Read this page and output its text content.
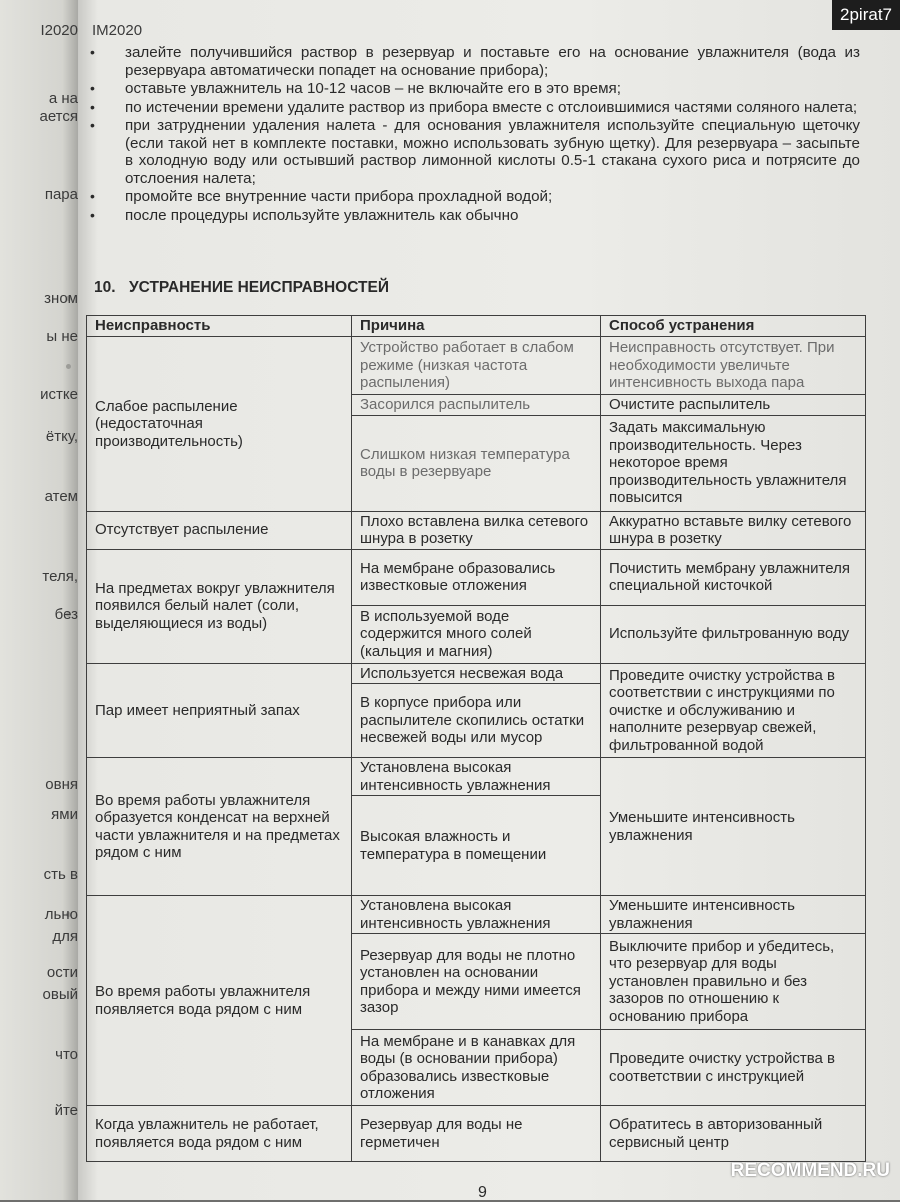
I2020
а на
ается
пара
зном
ы не
истке
ётку,
атем
теля,
без
овня
ями
сть в
льно
для
ости
овый
что
йте
IM2020
• залейте получившийся раствор в резервуар и поставьте его на основание увлажнителя (вода из резервуара автоматически попадет на основание прибора);
• оставьте увлажнитель на 10-12 часов – не включайте его в это время;
• по истечении времени удалите раствор из прибора вместе с отслоившимися частями соляного налета;
• при затруднении удаления налета - для основания увлажнителя используйте специальную щеточку (если такой нет в комплекте поставки, можно использовать зубную щетку). Для резервуара – засыпьте в холодную воду или остывший раствор лимонной кислоты 0.5-1 стакана сухого риса и потрясите до отслоения налета;
• промойте все внутренние части прибора прохладной водой;
• после процедуры используйте увлажнитель как обычно
10. УСТРАНЕНИЕ НЕИСПРАВНОСТЕЙ
Неисправность	Причина	Способ устранения
Слабое распыление (недостаточная производительность)	Устройство работает в слабом режиме (низкая частота распыления)	Неисправность отсутствует. При необходимости увеличьте интенсивность выхода пара
	Засорился распылитель	Очистите распылитель
	Слишком низкая температура воды в резервуаре	Задать максимальную производительность. Через некоторое время производительность увлажнителя повысится
Отсутствует распыление	Плохо вставлена вилка сетевого шнура в розетку	Аккуратно вставьте вилку сетевого шнура в розетку
На предметах вокруг увлажнителя появился белый налет (соли, выделяющиеся из воды)	На мембране образовались известковые отложения	Почистить мембрану увлажнителя специальной кисточкой
	В используемой воде содержится много солей (кальция и магния)	Используйте фильтрованную воду
Пар имеет неприятный запах	Используется несвежая вода	Проведите очистку устройства в соответствии с инструкциями по очистке и обслуживанию и наполните резервуар свежей, фильтрованной водой
	В корпусе прибора или распылителе скопились остатки несвежей воды или мусор	
Во время работы увлажнителя образуется конденсат на верхней части увлажнителя и на предметах рядом с ним	Установлена высокая интенсивность увлажнения	Уменьшите интенсивность увлажнения
	Высокая влажность и температура в помещении	
Во время работы увлажнителя появляется вода рядом с ним	Установлена высокая интенсивность увлажнения	Уменьшите интенсивность увлажнения
	Резервуар для воды не плотно установлен на основании прибора и между ними имеется зазор	Выключите прибор и убедитесь, что резервуар для воды установлен правильно и без зазоров по отношению к основанию прибора
	На мембране и в канавках для воды (в основании прибора) образовались известковые отложения	Проведите очистку устройства в соответствии с инструкцией
Когда увлажнитель не работает, появляется вода рядом с ним	Резервуар для воды не герметичен	Обратитесь в авторизованный сервисный центр
9
2pirat7
RECOMMEND.RU
